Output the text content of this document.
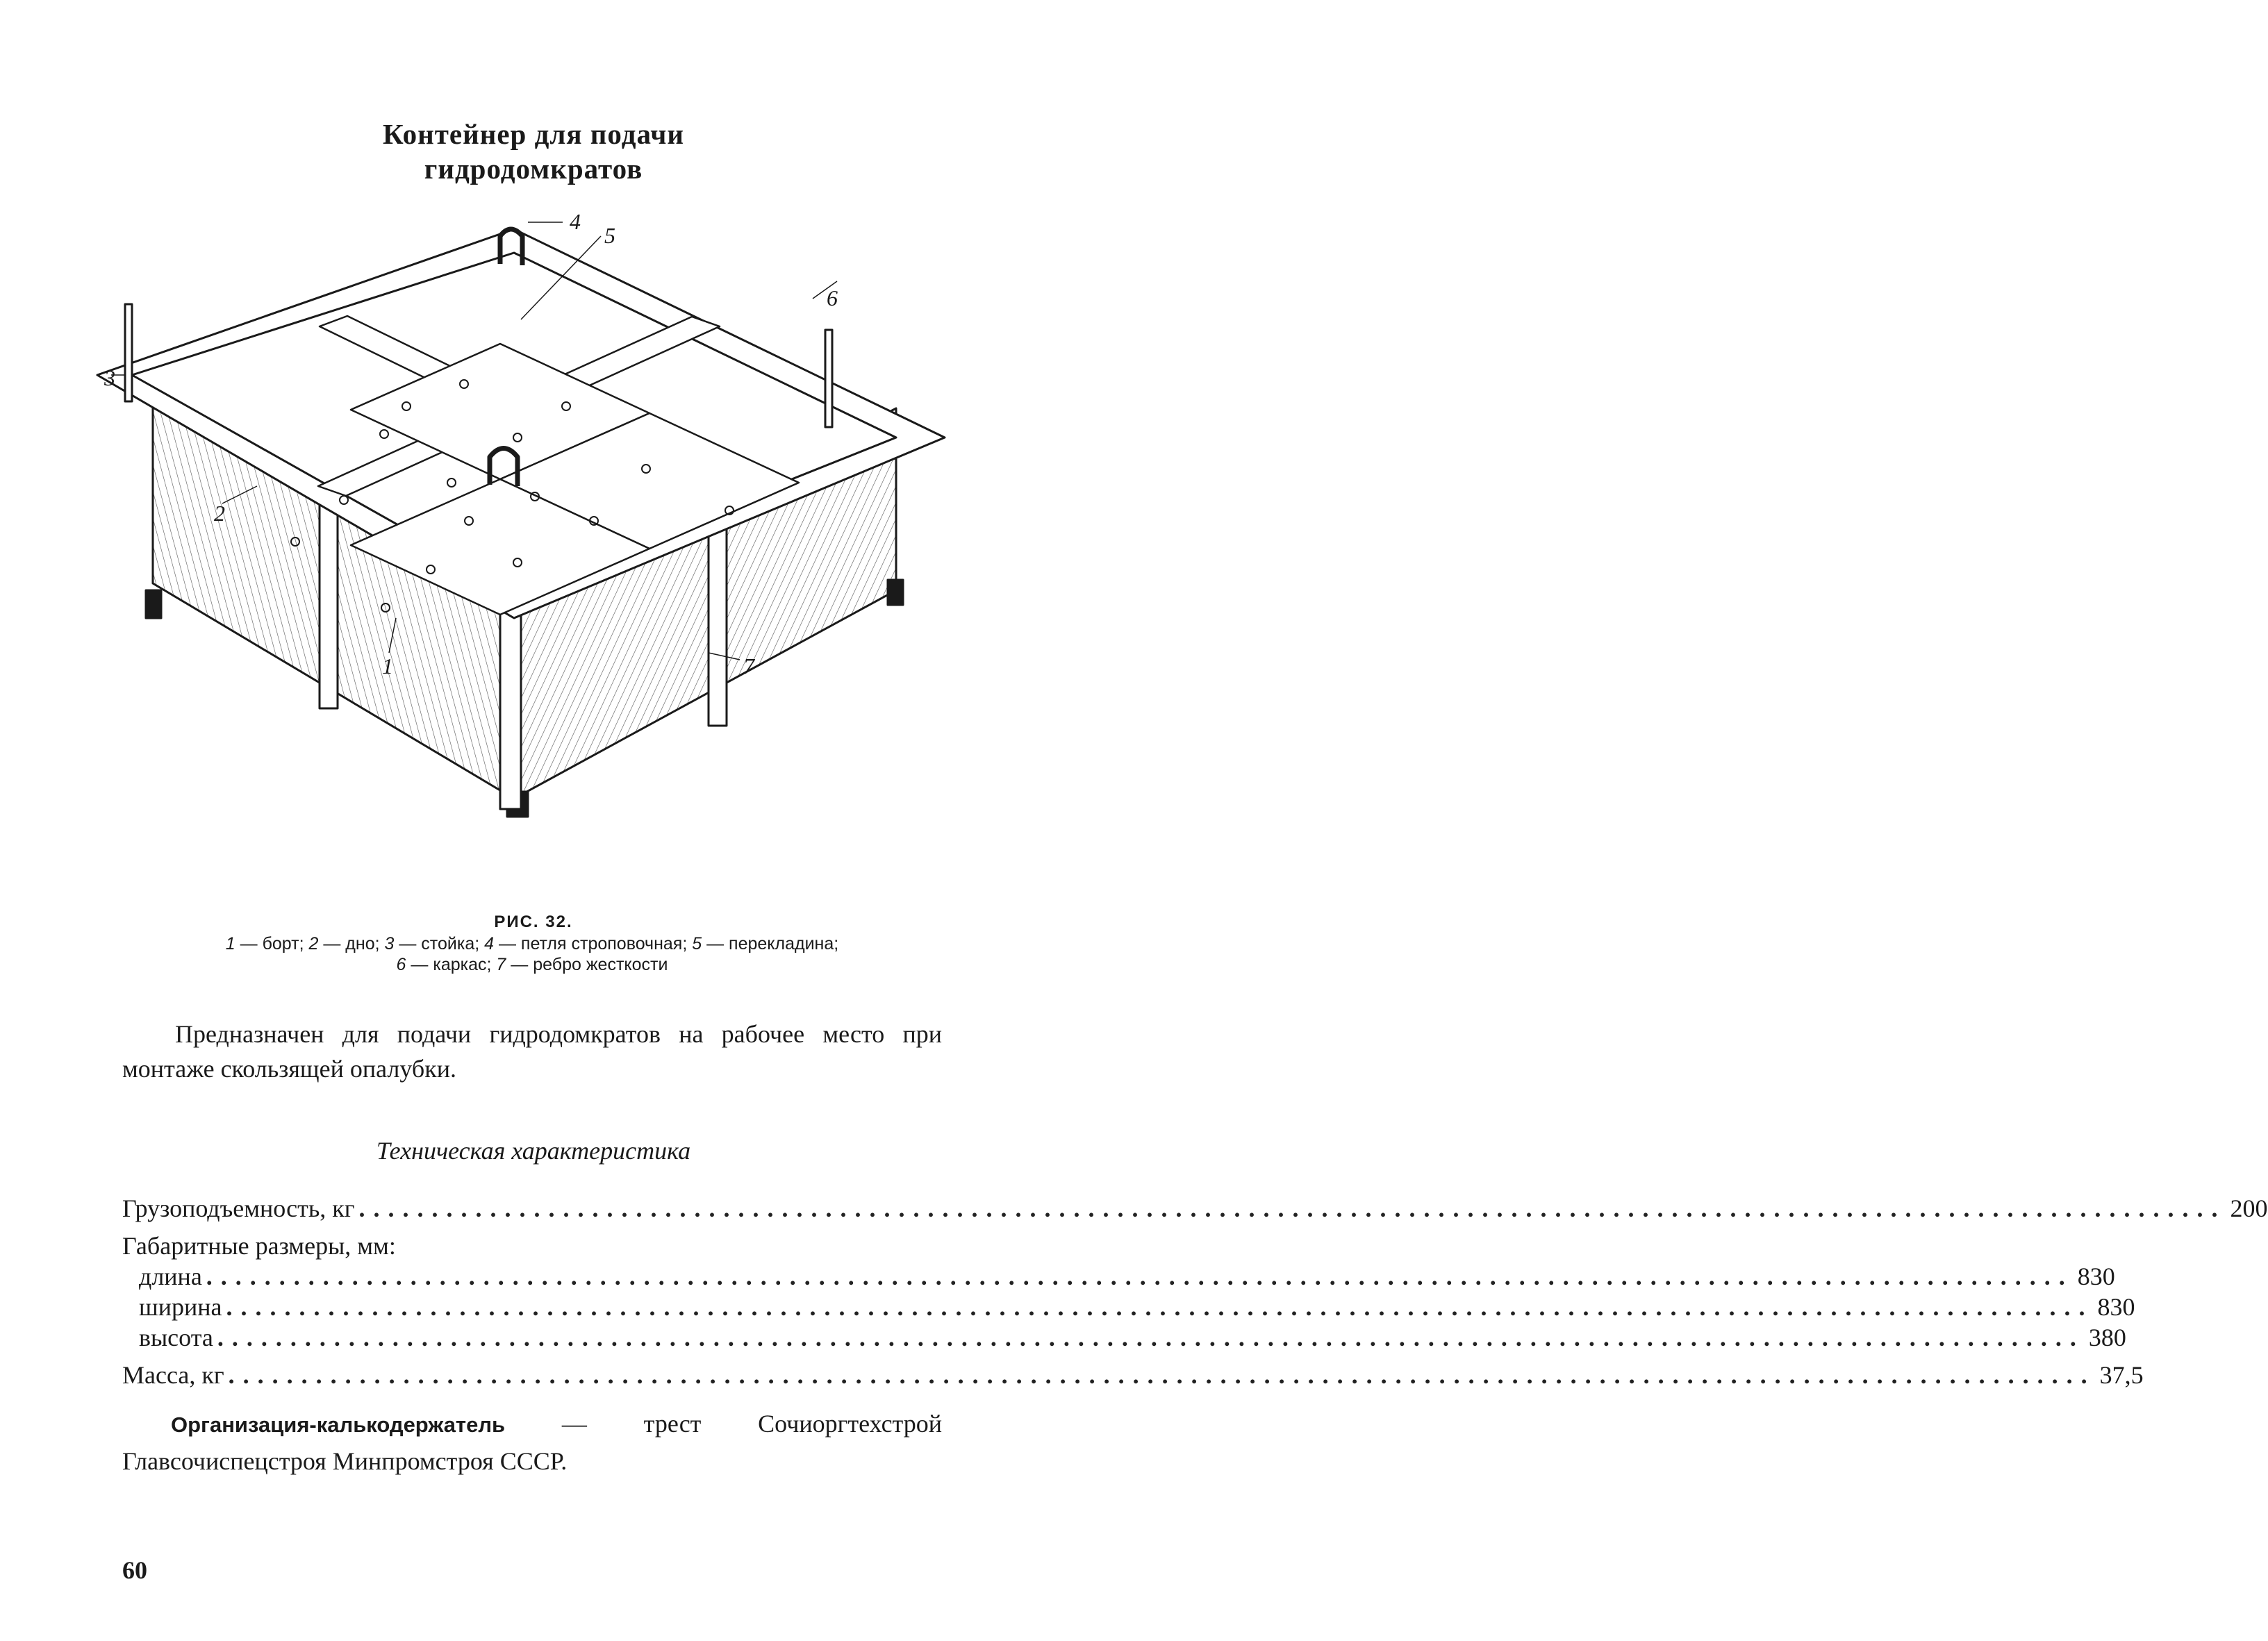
Контейнер для подачи
гидродомкратов
4
5
6
3
2
1	7
РИС. 32.
1 — борт; 2 — дно; 3 — стойка; 4 — петля строповочная; 5 — перекладина;
6 — каркас; 7 — ребро жесткости
Предназначен для подачи гидродомкратов на рабочее место при монтаже скользящей опалубки.
Техническая характеристика
Грузоподъемность, кг .....	200
Габаритные размеры, мм:
длина .....	830
ширина .....	830
высота .....	380
Масса, кг .....	37,5
Организация-калькодержатель — трест Сочиоргтехстрой Главсочиспецстроя Минпромстроя СССР.
60
